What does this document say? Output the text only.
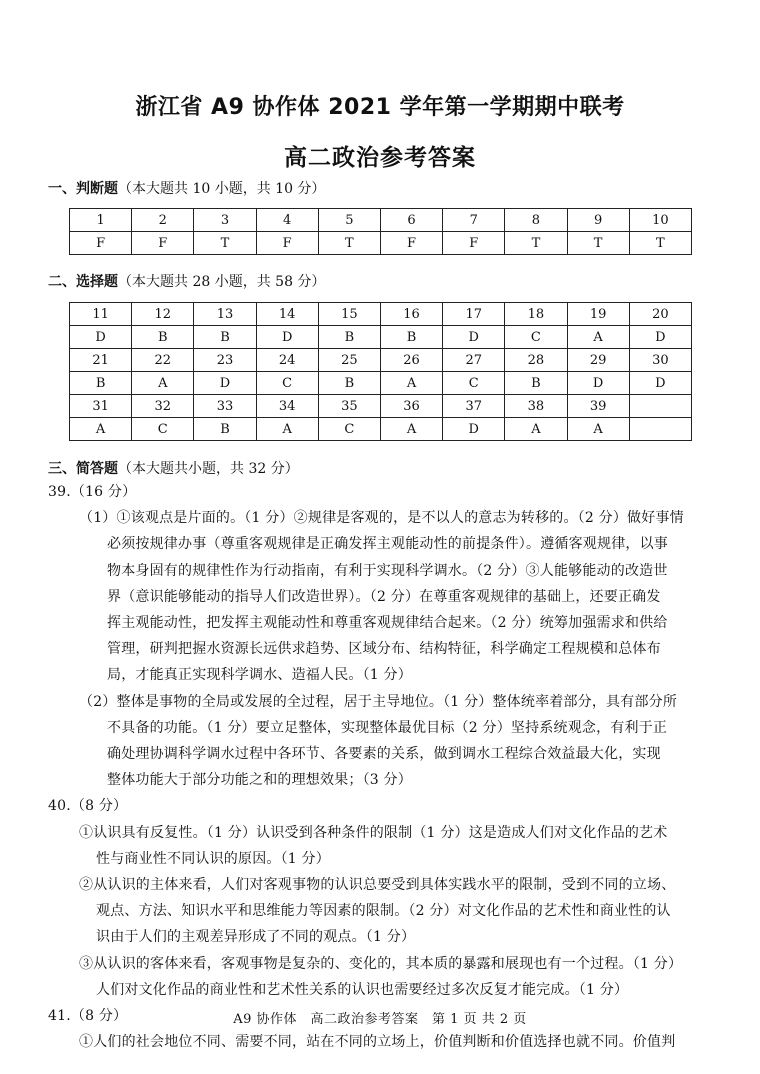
浙江省 A9 协作体 2021 学年第一学期期中联考
高二政治参考答案
一、判断题（本大题共 10 小题，共 10 分）
1	2	3	4	5	6	7	8	9	10
F	F	T	F	T	F	F	T	T	T
二、选择题（本大题共 28 小题，共 58 分）
11	12	13	14	15	16	17	18	19	20
D	B	B	D	B	B	D	C	A	D
21	22	23	24	25	26	27	28	29	30
B	A	D	C	B	A	C	B	D	D
31	32	33	34	35	36	37	38	39	
A	C	B	A	C	A	D	A	A	
三、简答题（本大题共小题，共 32 分）
39.（16 分）
（1）①该观点是片面的。（1 分）②规律是客观的，是不以人的意志为转移的。（2 分）做好事情
必须按规律办事（尊重客观规律是正确发挥主观能动性的前提条件）。遵循客观规律，以事
物本身固有的规律性作为行动指南，有利于实现科学调水。（2 分）③人能够能动的改造世
界（意识能够能动的指导人们改造世界）。（2 分）在尊重客观规律的基础上，还要正确发
挥主观能动性，把发挥主观能动性和尊重客观规律结合起来。（2 分）统筹加强需求和供给
管理，研判把握水资源长远供求趋势、区域分布、结构特征，科学确定工程规模和总体布
局，才能真正实现科学调水、造福人民。（1 分）
（2）整体是事物的全局或发展的全过程，居于主导地位。（1 分）整体统率着部分，具有部分所
不具备的功能。（1 分）要立足整体，实现整体最优目标（2 分）坚持系统观念，有利于正
确处理协调科学调水过程中各环节、各要素的关系，做到调水工程综合效益最大化，实现
整体功能大于部分功能之和的理想效果；（3 分）
40.（8 分）
①认识具有反复性。（1 分）认识受到各种条件的限制（1 分）这是造成人们对文化作品的艺术
性与商业性不同认识的原因。（1 分）
②从认识的主体来看，人们对客观事物的认识总要受到具体实践水平的限制，受到不同的立场、
观点、方法、知识水平和思维能力等因素的限制。（2 分）对文化作品的艺术性和商业性的认
识由于人们的主观差异形成了不同的观点。（1 分）
③从认识的客体来看，客观事物是复杂的、变化的，其本质的暴露和展现也有一个过程。（1 分）
人们对文化作品的商业性和艺术性关系的认识也需要经过多次反复才能完成。（1 分）
41.（8 分）
①人们的社会地位不同、需要不同，站在不同的立场上，价值判断和价值选择也就不同。价值判
A9 协作体　高二政治参考答案　第 1 页 共 2 页
